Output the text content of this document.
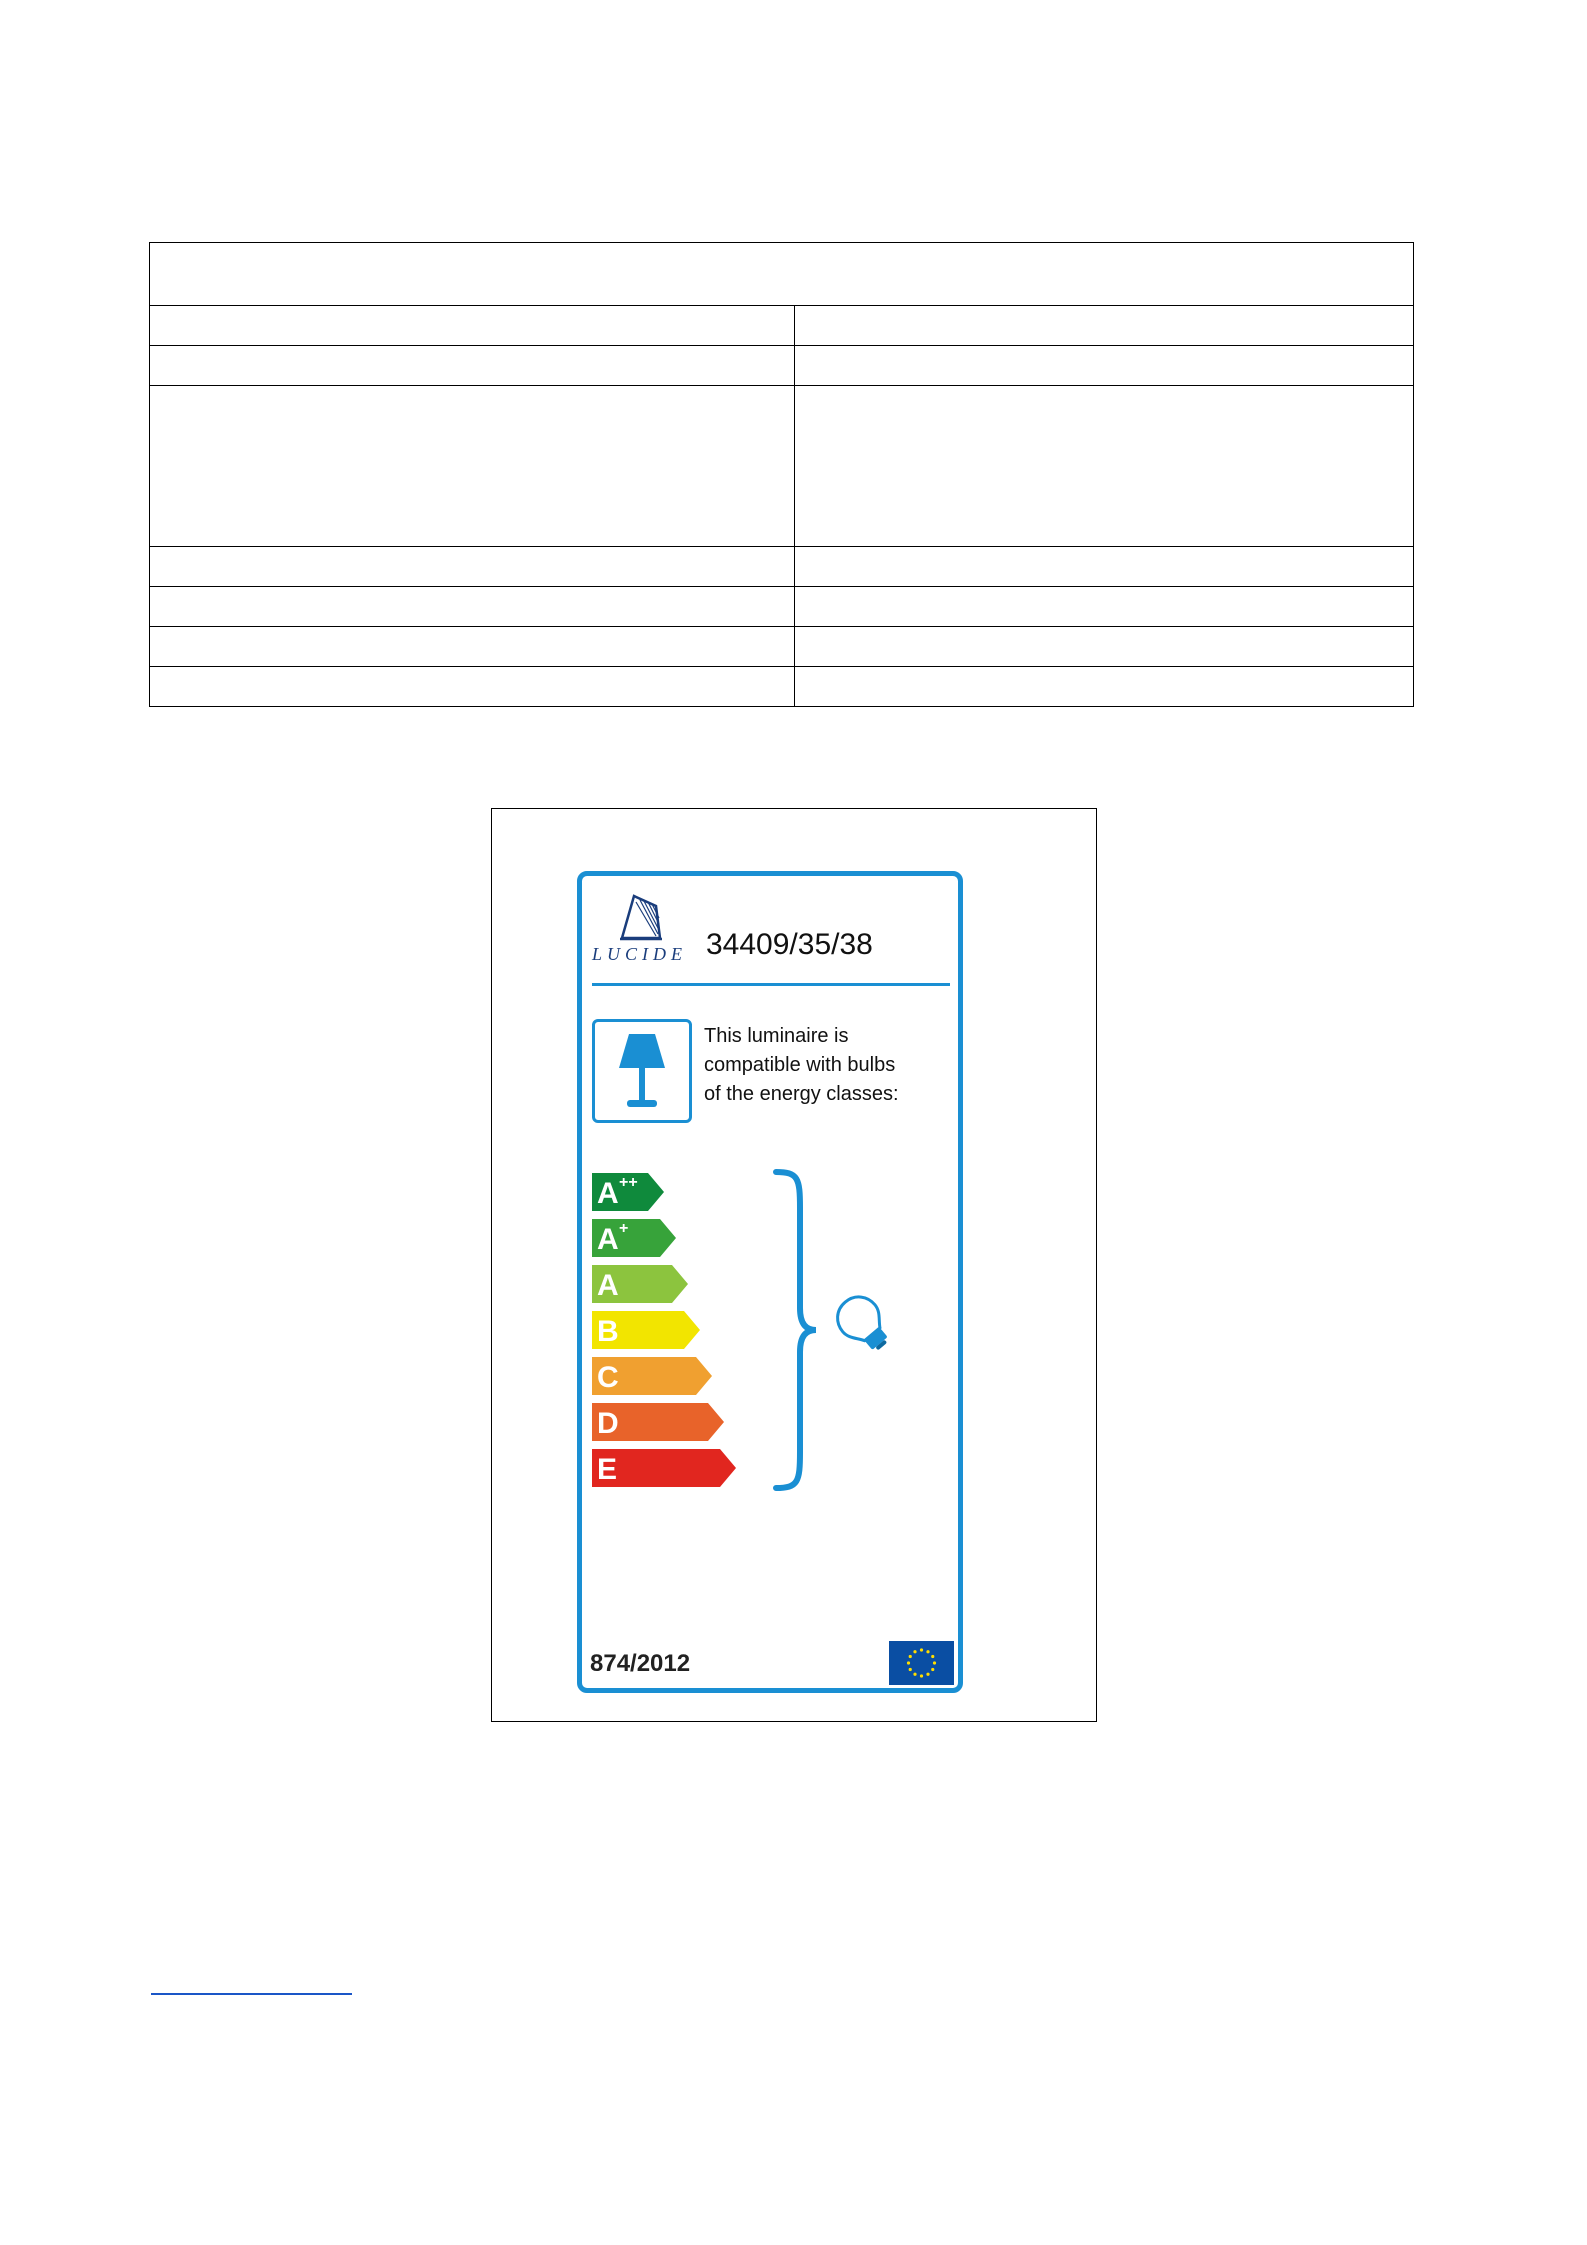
LUCIDE 34409/35/38
This luminaire is
compatible with bulbs
of the energy classes:
A ++
A +
A
B
C
D
E
874/2012
